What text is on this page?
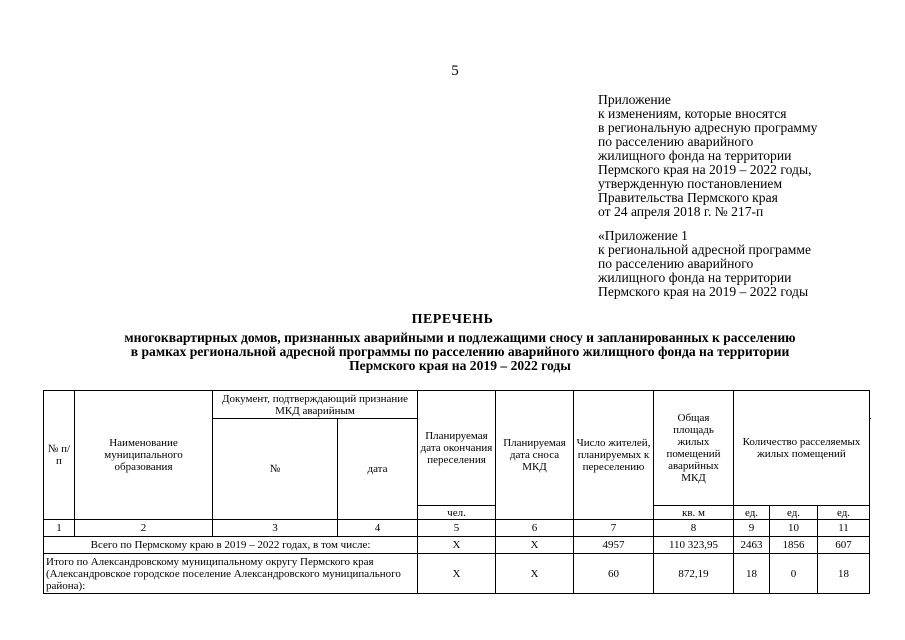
5
Приложение
к изменениям, которые вносятся
в региональную адресную программу
по расселению аварийного
жилищного фонда на территории
Пермского края на 2019 – 2022 годы,
утвержденную постановлением
Правительства Пермского края
от 24 апреля 2018 г. № 217-п
«Приложение 1
к региональной адресной программе
по расселению аварийного
жилищного фонда на территории
Пермского края на 2019 – 2022 годы
ПЕРЕЧЕНЬ
многоквартирных домов, признанных аварийными и подлежащими сносу и запланированных к расселению
в рамках региональной адресной программы по расселению аварийного жилищного фонда на территории
Пермского края на 2019 – 2022 годы
№ п/п	Наименование муниципального образования	Документ, подтверждающий признание МКД аварийным		Планируемая дата окончания переселения	Планируемая дата сноса МКД	Число жителей, планируемых к переселению	Общая площадь жилых помещений аварийных МКД	Количество расселяемых жилых помещений			
		№	дата		

				чел.			кв. м	ед.	ед.	ед.	
1	2	3	4	5	6	7	8	9	10	11	
Всего по Пермскому краю в 2019 – 2022 годах, в том числе:				Х	Х	4957	110 323,95	2463	1856	607	
Итого по Александровскому муниципальному округу Пермского края (Александровское городское поселение Александровского муниципального района):				Х	Х	60	872,19	18	0	18	
